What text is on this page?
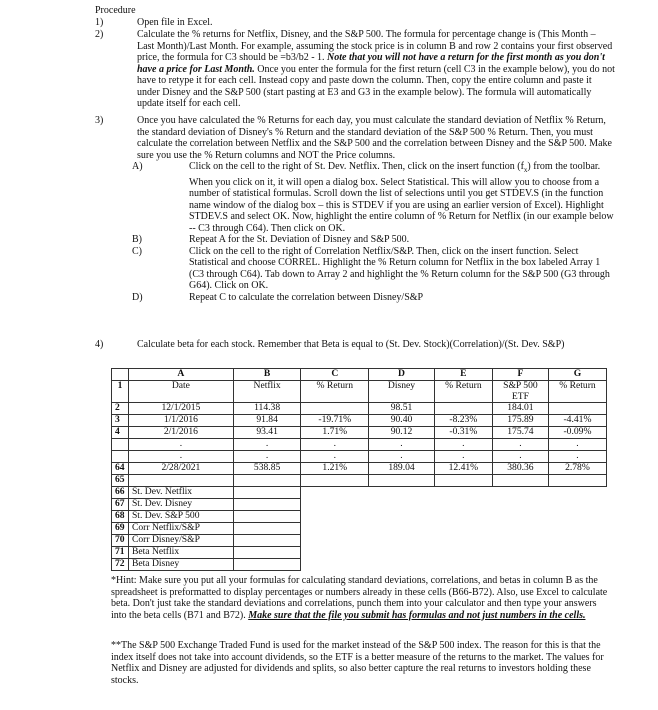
Procedure
1)	Open file in Excel.
2)	Calculate the % returns for Netflix, Disney, and the S&P 500. The formula for percentage change is (This Month – Last Month)/Last Month. For example, assuming the stock price is in column B and row 2 contains your first observed price, the formula for C3 should be =b3/b2 - 1. Note that you will not have a return for the first month as you don't have a price for Last Month. Once you enter the formula for the first return (cell C3 in the example below), you do not have to retype it for each cell. Instead copy and paste down the column. Then, copy the entire column and paste it under Disney and the S&P 500 (start pasting at E3 and G3 in the example below). The formula will automatically update itself for each cell.
3)	Once you have calculated the % Returns for each day, you must calculate the standard deviation of Netflix % Return, the standard deviation of Disney's % Return and the standard deviation of the S&P 500 % Return. Then, you must calculate the correlation between Netflix and the S&P 500 and the correlation between Disney and the S&P 500. Make sure you use the % Return columns and NOT the Price columns.
A)	Click on the cell to the right of St. Dev. Netflix. Then, click on the insert function $(f_x)$ from the toolbar. When you click on it, it will open a dialog box. Select Statistical. This will allow you to choose from a number of statistical formulas. Scroll down the list of selections until you get STDEV.S (in the function name window of the dialog box – this is STDEV if you are using an earlier version of Excel). Highlight STDEV.S and select OK. Now, highlight the entire column of % Return for Netflix (in our example below -- C3 through C64). Then click on OK.
B)	Repeat A for the St. Deviation of Disney and S&P 500.
C)	Click on the cell to the right of Correlation Netflix/S&P. Then, click on the insert function. Select Statistical and choose CORREL. Highlight the % Return column for Netflix in the box labeled Array 1 (C3 through C64). Tab down to Array 2 and highlight the % Return column for the S&P 500 (G3 through G64). Click on OK.
D)	Repeat C to calculate the correlation between Disney/S&P
4)	Calculate beta for each stock. Remember that Beta is equal to (St. Dev. Stock)(Correlation)/(St. Dev. S&P)
	A	B	C	D	E	F	G
1	Date	Netflix	% Return	Disney	% Return	S&P 500 ETF	% Return
2	12/1/2015	114.38		98.51		184.01	
3	1/1/2016	91.84	-19.71%	90.40	-8.23%	175.89	-4.41%
4	2/1/2016	93.41	1.71%	90.12	-0.31%	175.74	-0.09%
	.	.	.	.	.	.	.
	.	.	.	.	.	.	.
64	2/28/2021	538.85	1.21%	189.04	12.41%	380.36	2.78%
65							
66	St. Dev. Netflix						
67	St. Dev. Disney						
68	St. Dev. S&P 500						
69	Corr Netflix/S&P						
70	Corr Disney/S&P						
71	Beta Netflix						
72	Beta Disney						
*Hint: Make sure you put all your formulas for calculating standard deviations, correlations, and betas in column B as the spreadsheet is preformatted to display percentages or numbers already in these cells (B66-B72). Also, use Excel to calculate beta. Don't just take the standard deviations and correlations, punch them into your calculator and then type your answers into the beta cells (B71 and B72). Make sure that the file you submit has formulas and not just numbers in the cells.
**The S&P 500 Exchange Traded Fund is used for the market instead of the S&P 500 index. The reason for this is that the index itself does not take into account dividends, so the ETF is a better measure of the returns to the market. The values for Netflix and Disney are adjusted for dividends and splits, so also better capture the real returns to investors holding these stocks.
